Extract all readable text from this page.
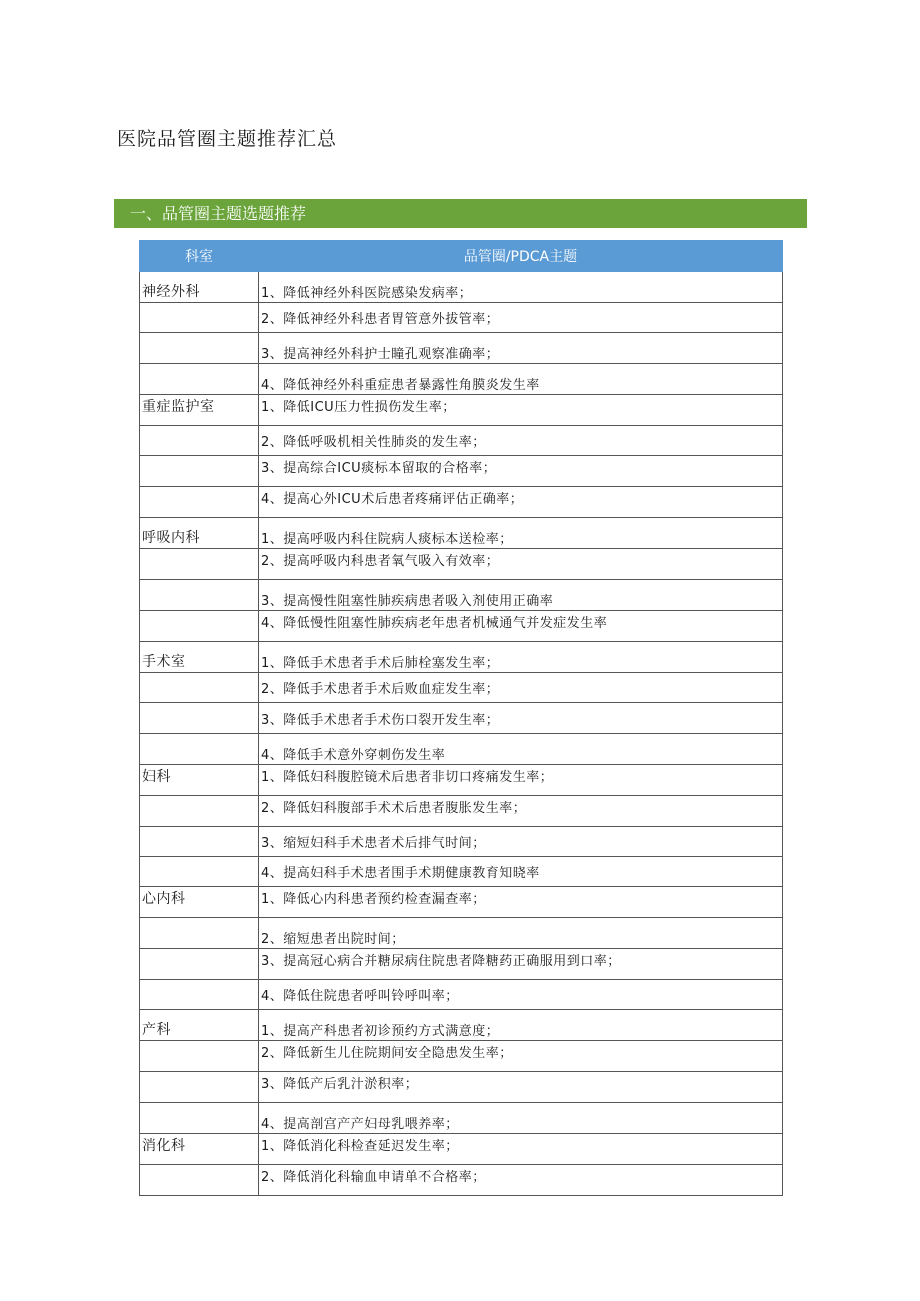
医院品管圈主题推荐汇总
一、品管圈主题选题推荐
科室	品管圈/PDCA主题
神经外科	1、降低神经外科医院感染发病率；
	2、降低神经外科患者胃管意外拔管率；
	3、提高神经外科护士瞳孔观察准确率；
	4、降低神经外科重症患者暴露性角膜炎发生率
重症监护室	1、降低ICU压力性损伤发生率；
	2、降低呼吸机相关性肺炎的发生率；
	3、提高综合ICU痰标本留取的合格率；
	4、提高心外ICU术后患者疼痛评估正确率；
呼吸内科	1、提高呼吸内科住院病人痰标本送检率；
	2、提高呼吸内科患者氧气吸入有效率；
	3、提高慢性阻塞性肺疾病患者吸入剂使用正确率
	4、降低慢性阻塞性肺疾病老年患者机械通气并发症发生率
手术室	1、降低手术患者手术后肺栓塞发生率；
	2、降低手术患者手术后败血症发生率；
	3、降低手术患者手术伤口裂开发生率；
	4、降低手术意外穿刺伤发生率
妇科	1、降低妇科腹腔镜术后患者非切口疼痛发生率；
	2、降低妇科腹部手术术后患者腹胀发生率；
	3、缩短妇科手术患者术后排气时间；
	4、提高妇科手术患者围手术期健康教育知晓率
心内科	1、降低心内科患者预约检查漏查率；
	2、缩短患者出院时间；
	3、提高冠心病合并糖尿病住院患者降糖药正确服用到口率；
	4、降低住院患者呼叫铃呼叫率；
产科	1、提高产科患者初诊预约方式满意度；
	2、降低新生儿住院期间安全隐患发生率；
	3、降低产后乳汁淤积率；
	4、提高剖宫产产妇母乳喂养率；
消化科	1、降低消化科检查延迟发生率；
	2、降低消化科输血申请单不合格率；
